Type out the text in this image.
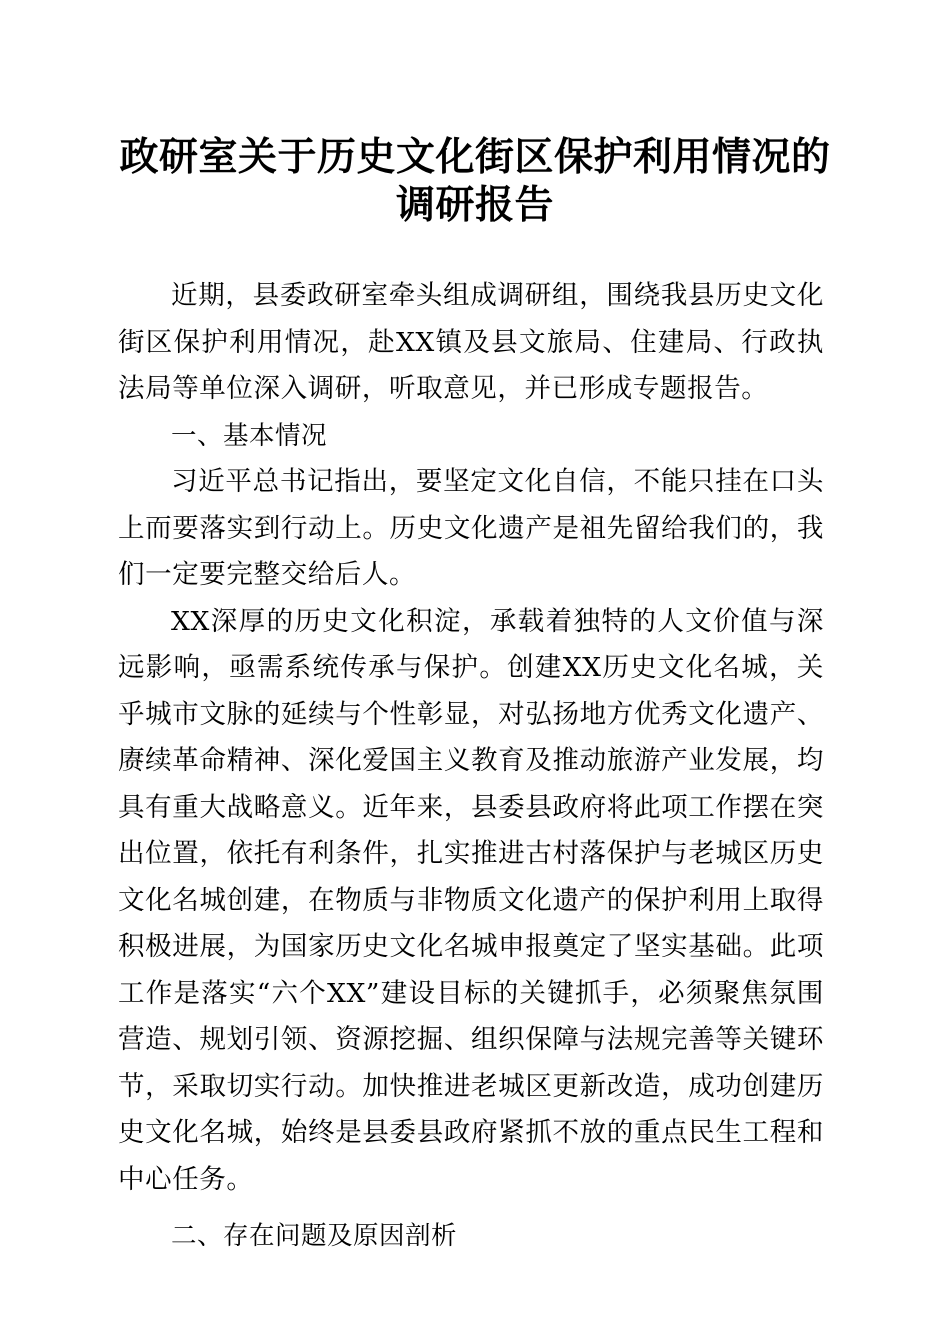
政研室关于历史文化街区保护利用情况的调研报告

近期，县委政研室牵头组成调研组，围绕我县历史文化街区保护利用情况，赴XX镇及县文旅局、住建局、行政执法局等单位深入调研，听取意见，并已形成专题报告。

一、基本情况

习近平总书记指出，要坚定文化自信，不能只挂在口头上而要落实到行动上。历史文化遗产是祖先留给我们的，我们一定要完整交给后人。

XX深厚的历史文化积淀，承载着独特的人文价值与深远影响，亟需系统传承与保护。创建XX历史文化名城，关乎城市文脉的延续与个性彰显，对弘扬地方优秀文化遗产、赓续革命精神、深化爱国主义教育及推动旅游产业发展，均具有重大战略意义。近年来，县委县政府将此项工作摆在突出位置，依托有利条件，扎实推进古村落保护与老城区历史文化名城创建，在物质与非物质文化遗产的保护利用上取得积极进展，为国家历史文化名城申报奠定了坚实基础。此项工作是落实“六个XX”建设目标的关键抓手，必须聚焦氛围营造、规划引领、资源挖掘、组织保障与法规完善等关键环节，采取切实行动。加快推进老城区更新改造，成功创建历史文化名城，始终是县委县政府紧抓不放的重点民生工程和中心任务。

二、存在问题及原因剖析
